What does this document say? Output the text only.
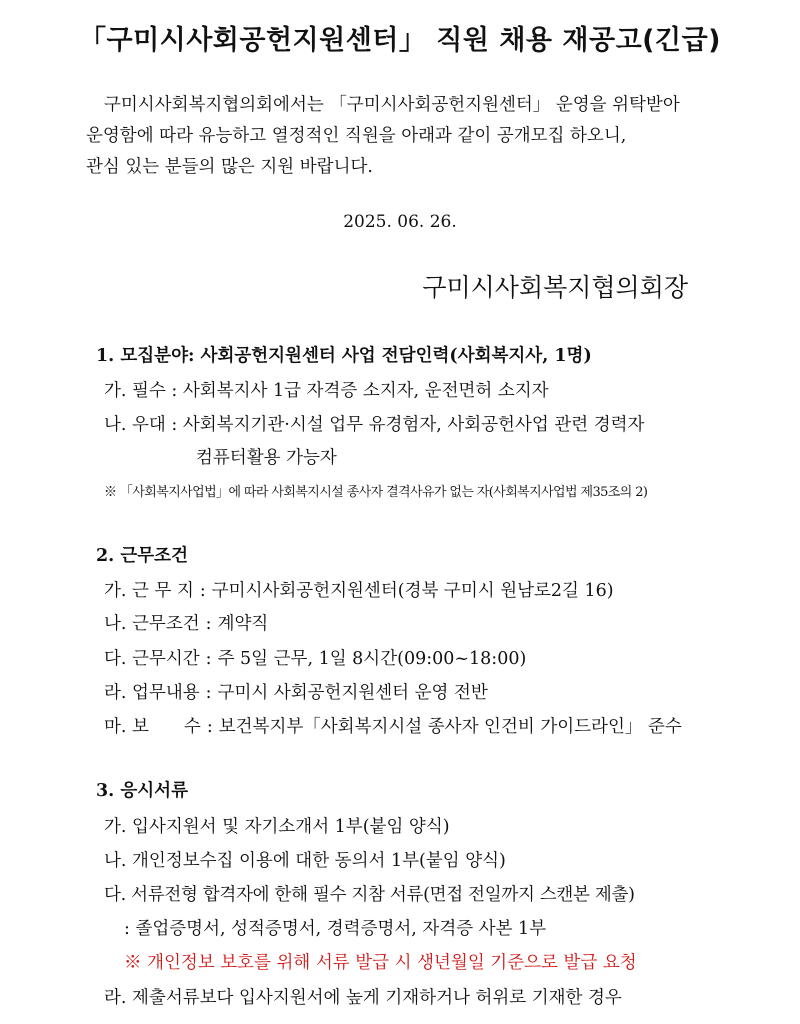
「구미시사회공헌지원센터」 직원 채용 재공고(긴급)
구미시사회복지협의회에서는 「구미시사회공헌지원센터」 운영을 위탁받아
운영함에 따라 유능하고 열정적인 직원을 아래과 같이 공개모집 하오니,
관심 있는 분들의 많은 지원 바랍니다.
2025. 06. 26.
구미시사회복지협의회장
1. 모집분야: 사회공헌지원센터 사업 전담인력(사회복지사, 1명)
가. 필수 : 사회복지사 1급 자격증 소지자, 운전면허 소지자
나. 우대 : 사회복지기관·시설 업무 유경험자, 사회공헌사업 관련 경력자
컴퓨터활용 가능자
※ 「사회복지사업법」에 따라 사회복지시설 종사자 결격사유가 없는 자(사회복지사업법 제35조의 2)
2. 근무조건
가. 근 무 지 : 구미시사회공헌지원센터(경북 구미시 원남로2길 16)
나. 근무조건 : 계약직
다. 근무시간 : 주 5일 근무, 1일 8시간(09:00~18:00)
라. 업무내용 : 구미시 사회공헌지원센터 운영 전반
마. 보　　수 : 보건복지부「사회복지시설 종사자 인건비 가이드라인」 준수
3. 응시서류
가. 입사지원서 및 자기소개서 1부(붙임 양식)
나. 개인정보수집 이용에 대한 동의서 1부(붙임 양식)
다. 서류전형 합격자에 한해 필수 지참 서류(면접 전일까지 스캔본 제출)
: 졸업증명서, 성적증명서, 경력증명서, 자격증 사본 1부
※ 개인정보 보호를 위해 서류 발급 시 생년월일 기준으로 발급 요청
라. 제출서류보다 입사지원서에 높게 기재하거나 허위로 기재한 경우
